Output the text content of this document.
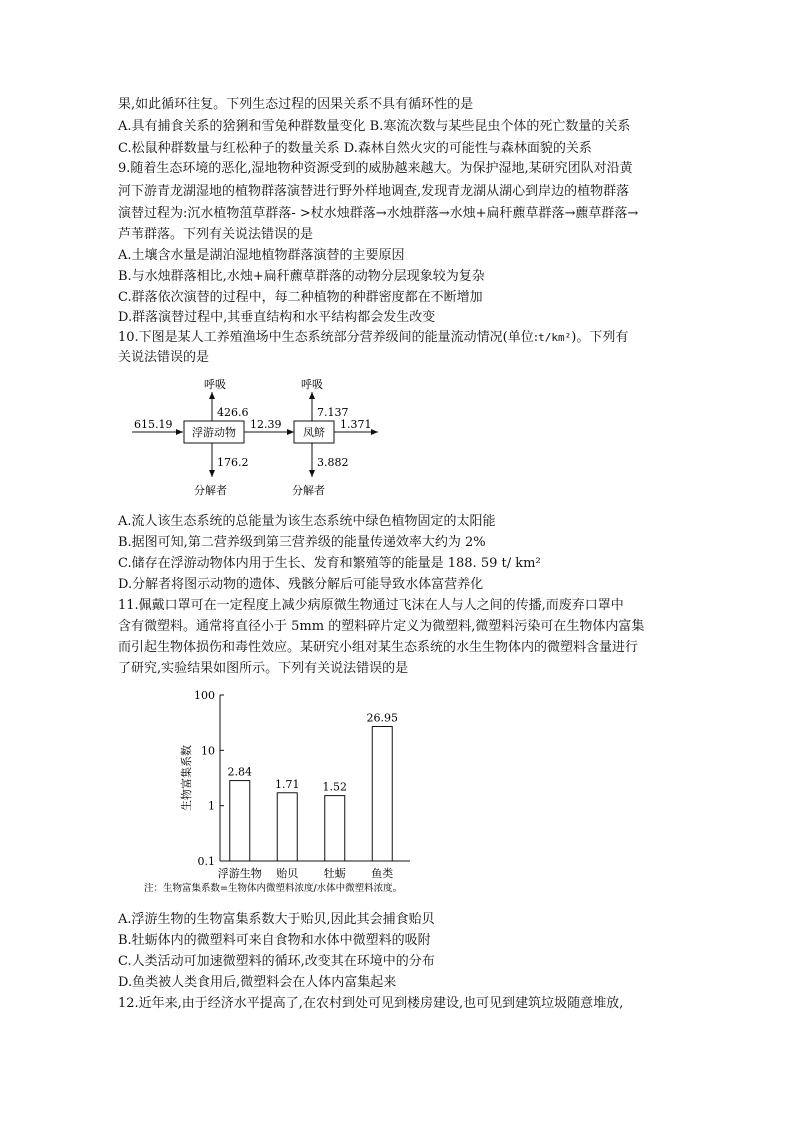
果,如此循环往复。下列生态过程的因果关系不具有循环性的是
A.具有捕食关系的猞猁和雪兔种群数量变化 B.寒流次数与某些昆虫个体的死亡数量的关系
C.松鼠种群数量与红松种子的数量关系 D.森林自然火灾的可能性与森林面貌的关系
9.随着生态环境的恶化,湿地物种资源受到的威胁越来越大。为保护湿地,某研究团队对沿黄
河下游青龙湖湿地的植物群落演替进行野外样地调查,发现青龙湖从湖心到岸边的植物群落
演替过程为:沉水植物菹草群落- >杖水烛群落→水烛群落→水烛+扁秆藨草群落→藨草群落→
芦苇群落。下列有关说法错误的是
A.土壤含水量是湖泊湿地植物群落演替的主要原因
B.与水烛群落相比,水烛+扁秆藨草群落的动物分层现象较为复杂
C.群落依次演替的过程中，每二种植物的种群密度都在不断增加
D.群落演替过程中,其垂直结构和水平结构都会发生改变
10.下图是某人工养殖渔场中生态系统部分营养级间的能量流动情况(单位:t/km²)。下列有
关说法错误的是
615.19
浮游动物
呼吸
426.6
12.39
凤鲚
呼吸
7.137
1.371
176.2
分解者
3.882
分解者
A.流人该生态系统的总能量为该生态系统中绿色植物固定的太阳能
B.据图可知,第二营养级到第三营养级的能量传递效率大约为 2%
C.储存在浮游动物体内用于生长、发育和繁殖等的能量是 188. 59 t/ km²
D.分解者将图示动物的遗体、残骸分解后可能导致水体富营养化
11.佩戴口罩可在一定程度上减少病原微生物通过飞沫在人与人之间的传播,而废弃口罩中
含有微塑料。通常将直径小于 5mm 的塑料碎片定义为微塑料,微塑料污染可在生物体内富集
而引起生物体损伤和毒性效应。某研究小组对某生态系统的水生生物体内的微塑料含量进行
了研究,实验结果如图所示。下列有关说法错误的是
0.1
1
10
100
生物富集系数	2.84
浮游生物
1.71
贻贝
1.52
牡蛎
26.95
鱼类
注：生物富集系数=生物体内微塑料浓度/水体中微塑料浓度。
A.浮游生物的生物富集系数大于贻贝,因此其会捕食贻贝
B.牡蛎体内的微塑料可来自食物和水体中微塑料的吸附
C.人类活动可加速微塑料的循环,改变其在环境中的分布
D.鱼类被人类食用后,微塑料会在人体内富集起来
12.近年来,由于经济水平提高了,在农村到处可见到楼房建设,也可见到建筑垃圾随意堆放,
